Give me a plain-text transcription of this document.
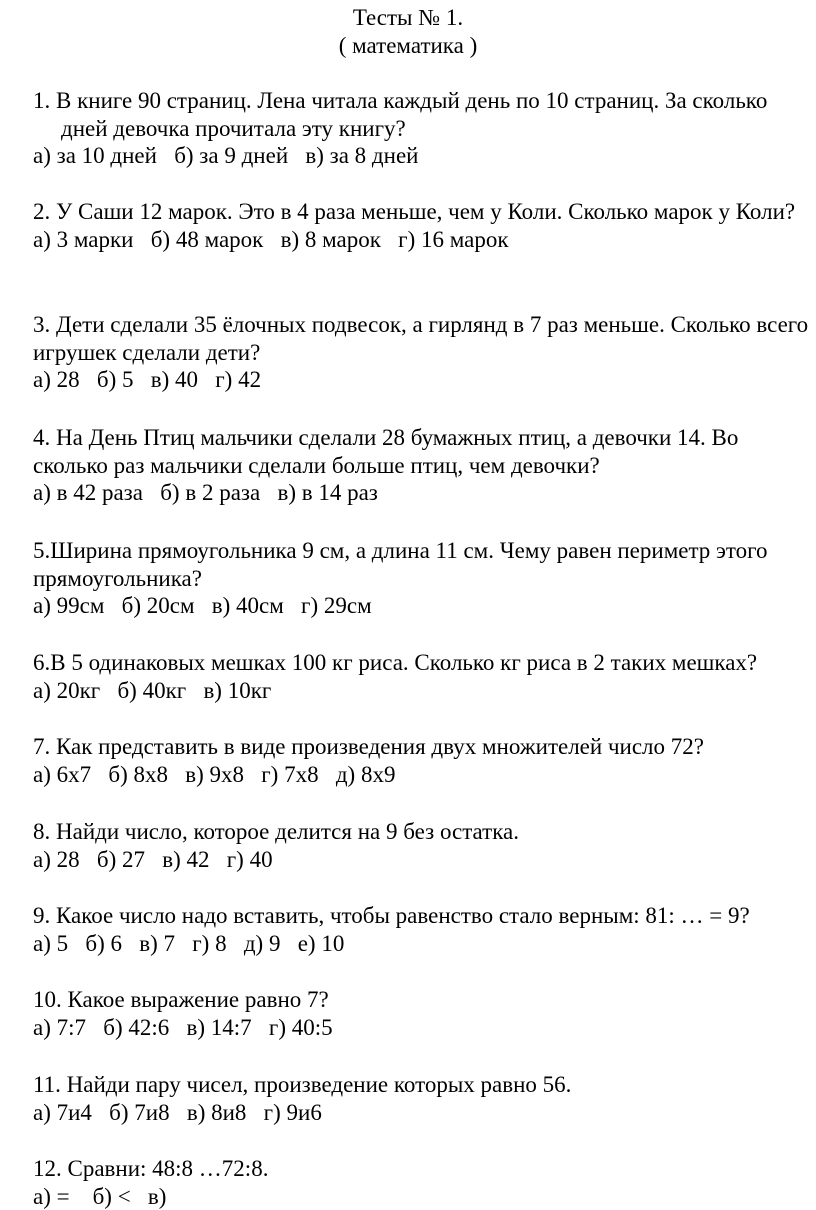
Тесты № 1.
( математика )
1. В книге 90 страниц. Лена читала каждый день по 10 страниц. За сколько дней девочка прочитала эту книгу?
а) за 10 дней   б) за 9 дней   в) за 8 дней
2. У Саши 12 марок. Это в 4 раза меньше, чем у Коли. Сколько марок у Коли?
а) 3 марки   б) 48 марок   в) 8 марок   г) 16 марок
3. Дети сделали 35 ёлочных подвесок, а гирлянд в 7 раз меньше. Сколько всего игрушек сделали дети?
а) 28   б) 5   в) 40   г) 42
4. На День Птиц мальчики сделали 28 бумажных птиц, а девочки 14. Во сколько раз мальчики сделали больше птиц, чем девочки?
а) в 42 раза   б) в 2 раза   в) в 14 раз
5.Ширина прямоугольника 9 см, а длина 11 см. Чему равен периметр этого прямоугольника?
а) 99см   б) 20см   в) 40см   г) 29см
6.В 5 одинаковых мешках 100 кг риса. Сколько кг риса в 2 таких мешках?
а) 20кг   б) 40кг   в) 10кг
7. Как представить в виде произведения двух множителей число 72?
а) 6х7   б) 8х8   в) 9х8   г) 7х8   д) 8х9
8. Найди число, которое делится на 9 без остатка.
а) 28   б) 27   в) 42   г) 40
9. Какое число надо вставить, чтобы равенство стало верным: 81: … = 9?
а) 5   б) 6   в) 7   г) 8   д) 9   е) 10
10. Какое выражение равно 7?
а) 7:7   б) 42:6   в) 14:7   г) 40:5
11. Найди пару чисел, произведение которых равно 56.
а) 7и4   б) 7и8   в) 8и8   г) 9и6
12. Сравни: 48:8 …72:8.
а) =    б) <   в)
